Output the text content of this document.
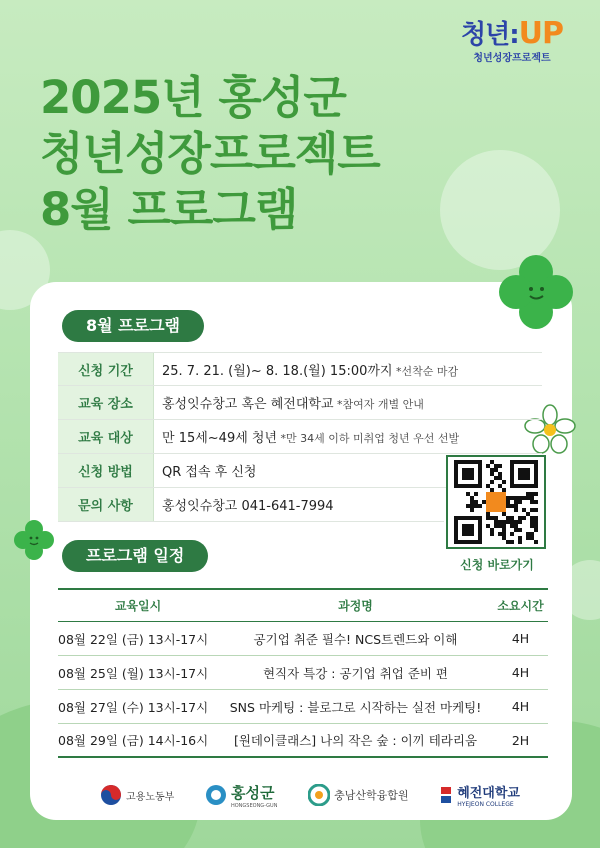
청년:UP
청년성장프로젝트
2025년 홍성군
청년성장프로젝트
8월 프로그램
8월 프로그램
신청 기간	25. 7. 21. (월)~ 8. 18.(월) 15:00까지 *선착순 마감
교육 장소	홍성잇슈창고 혹은 혜전대학교 *참여자 개별 안내
교육 대상	만 15세~49세 청년 *만 34세 이하 미취업 청년 우선 선발
신청 방법	QR 접속 후 신청
문의 사항	홍성잇슈창고 041-641-7994
신청 바로가기
프로그램 일정
교육일시	과정명	소요시간
08월 22일 (금) 13시-17시	공기업 취준 필수! NCS트렌드와 이해	4H
08월 25일 (월) 13시-17시	현직자 특강 : 공기업 취업 준비 편	4H
08월 27일 (수) 13시-17시	SNS 마케팅 : 블로그로 시작하는 실전 마케팅!	4H
08월 29일 (금) 14시-16시	[원데이클래스] 나의 작은 숲 : 이끼 테라리움	2H
고용노동부	홍성군
HONGSEONG-GUN
충남산학융합원	혜전대학교
HYEJEON COLLEGE
